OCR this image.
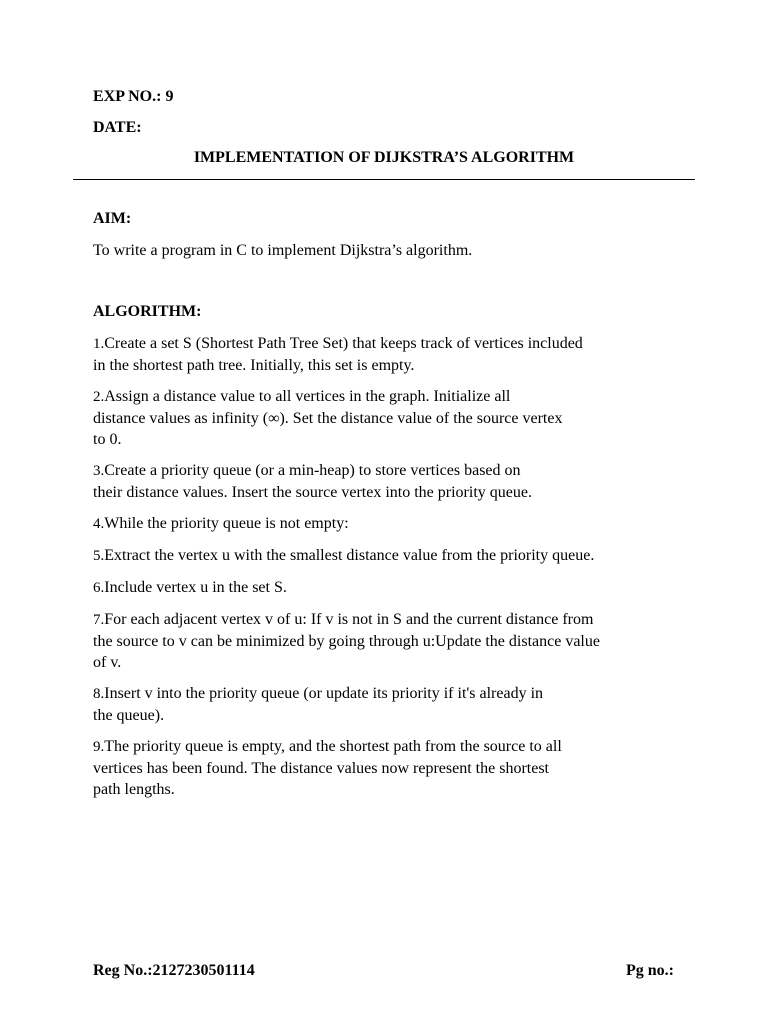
EXP NO.: 9

DATE:

IMPLEMENTATION OF DIJKSTRA’S ALGORITHM

AIM:

To write a program in C to implement Dijkstra’s algorithm.

ALGORITHM:

1.Create a set S (Shortest Path Tree Set) that keeps track of vertices included
in the shortest path tree. Initially, this set is empty.
2.Assign a distance value to all vertices in the graph. Initialize all
distance values as infinity (∞). Set the distance value of the source vertex
to 0.
3.Create a priority queue (or a min-heap) to store vertices based on
their distance values. Insert the source vertex into the priority queue.
4.While the priority queue is not empty:
5.Extract the vertex u with the smallest distance value from the priority queue.
6.Include vertex u in the set S.
7.For each adjacent vertex v of u: If v is not in S and the current distance from
the source to v can be minimized by going through u:Update the distance value
of v.
8.Insert v into the priority queue (or update its priority if it's already in
the queue).
9.The priority queue is empty, and the shortest path from the source to all
vertices has been found. The distance values now represent the shortest
path lengths.

Reg No.:2127230501114	Pg no.:
